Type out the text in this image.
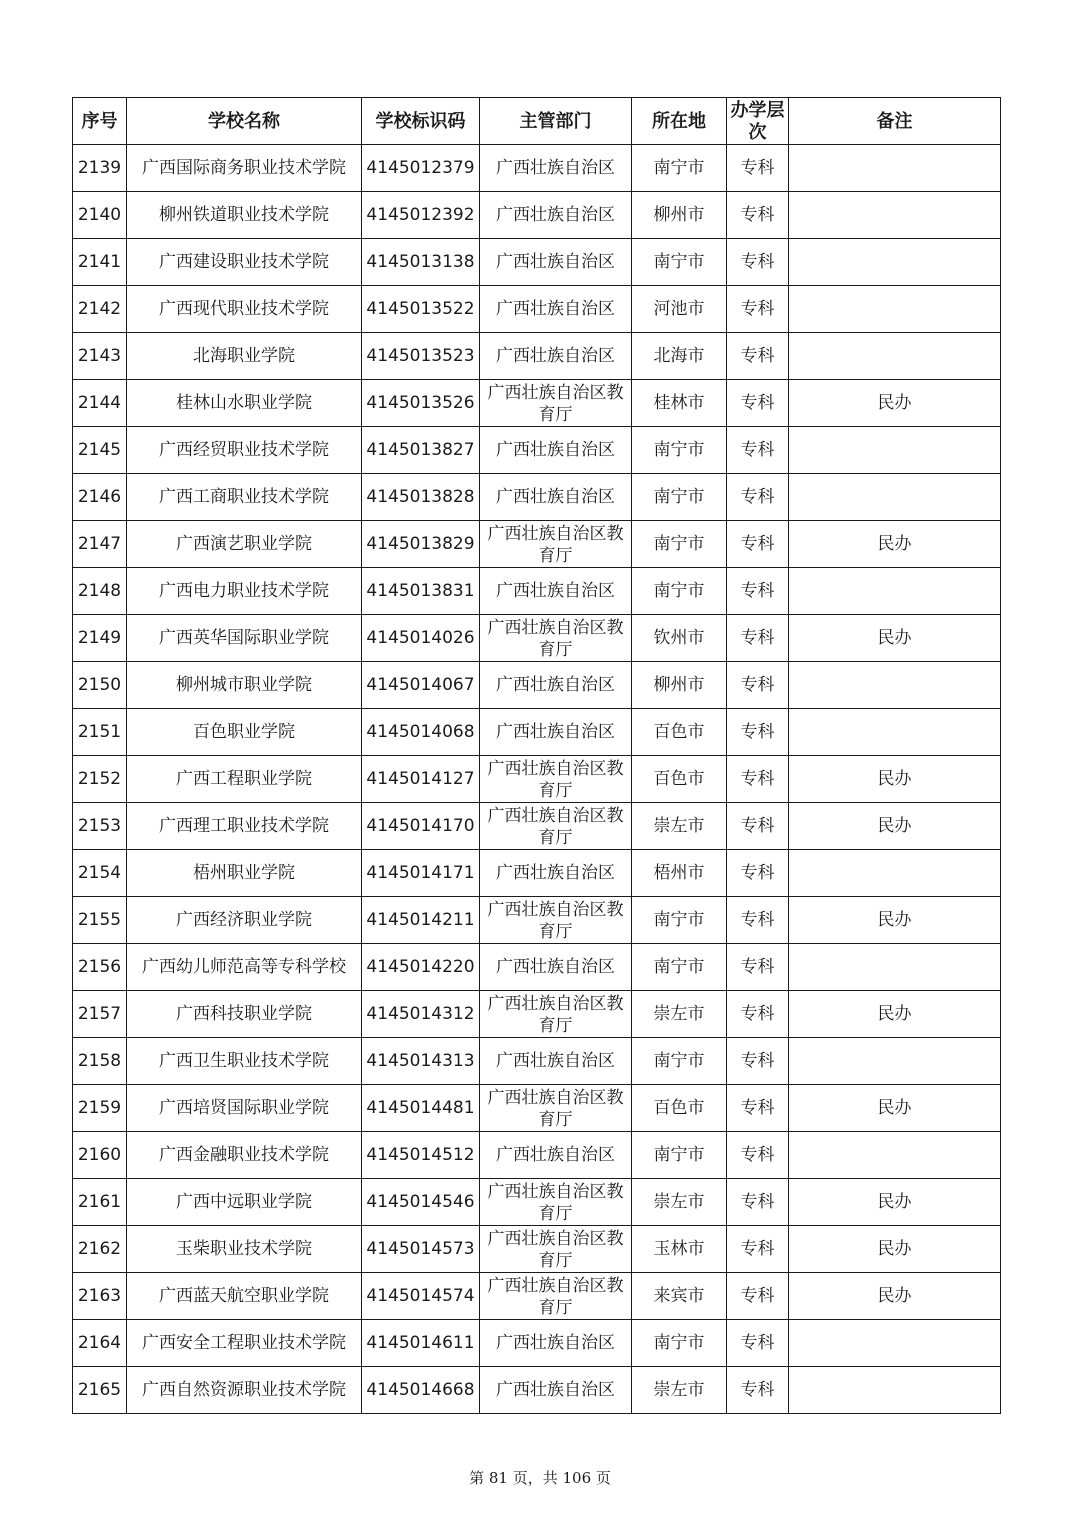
序号	学校名称	学校标识码	主管部门	所在地	办学层次	备注
2139	广西国际商务职业技术学院	4145012379	广西壮族自治区	南宁市	专科	
2140	柳州铁道职业技术学院	4145012392	广西壮族自治区	柳州市	专科	
2141	广西建设职业技术学院	4145013138	广西壮族自治区	南宁市	专科	
2142	广西现代职业技术学院	4145013522	广西壮族自治区	河池市	专科	
2143	北海职业学院	4145013523	广西壮族自治区	北海市	专科	
2144	桂林山水职业学院	4145013526	广西壮族自治区教育厅	桂林市	专科	民办
2145	广西经贸职业技术学院	4145013827	广西壮族自治区	南宁市	专科	
2146	广西工商职业技术学院	4145013828	广西壮族自治区	南宁市	专科	
2147	广西演艺职业学院	4145013829	广西壮族自治区教育厅	南宁市	专科	民办
2148	广西电力职业技术学院	4145013831	广西壮族自治区	南宁市	专科	
2149	广西英华国际职业学院	4145014026	广西壮族自治区教育厅	钦州市	专科	民办
2150	柳州城市职业学院	4145014067	广西壮族自治区	柳州市	专科	
2151	百色职业学院	4145014068	广西壮族自治区	百色市	专科	
2152	广西工程职业学院	4145014127	广西壮族自治区教育厅	百色市	专科	民办
2153	广西理工职业技术学院	4145014170	广西壮族自治区教育厅	崇左市	专科	民办
2154	梧州职业学院	4145014171	广西壮族自治区	梧州市	专科	
2155	广西经济职业学院	4145014211	广西壮族自治区教育厅	南宁市	专科	民办
2156	广西幼儿师范高等专科学校	4145014220	广西壮族自治区	南宁市	专科	
2157	广西科技职业学院	4145014312	广西壮族自治区教育厅	崇左市	专科	民办
2158	广西卫生职业技术学院	4145014313	广西壮族自治区	南宁市	专科	
2159	广西培贤国际职业学院	4145014481	广西壮族自治区教育厅	百色市	专科	民办
2160	广西金融职业技术学院	4145014512	广西壮族自治区	南宁市	专科	
2161	广西中远职业学院	4145014546	广西壮族自治区教育厅	崇左市	专科	民办
2162	玉柴职业技术学院	4145014573	广西壮族自治区教育厅	玉林市	专科	民办
2163	广西蓝天航空职业学院	4145014574	广西壮族自治区教育厅	来宾市	专科	民办
2164	广西安全工程职业技术学院	4145014611	广西壮族自治区	南宁市	专科	
2165	广西自然资源职业技术学院	4145014668	广西壮族自治区	崇左市	专科	
第 81 页，共 106 页
